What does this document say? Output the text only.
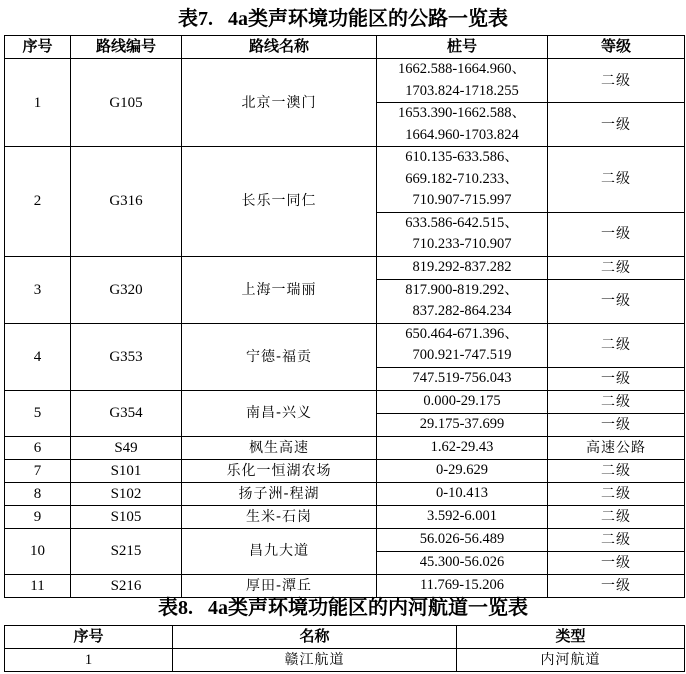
表7.   4a类声环境功能区的公路一览表
序号	路线编号	路线名称	桩号	等级
1	G105	北京一澳门	1662.588-1664.960、
1703.824-1718.255	二级

			1653.390-1662.588、
1664.960-1703.824	一级
2	G316	长乐一同仁	610.135-633.586、
669.182-710.233、
710.907-715.997	二级

			633.586-642.515、
710.233-710.907	一级
3	G320	上海一瑞丽	819.292-837.282	二级

			817.900-819.292、
837.282-864.234	一级
4	G353	宁德-福贡	650.464-671.396、
700.921-747.519	二级

			747.519-756.043	一级
5	G354	南昌-兴义	0.000-29.175	二级

			29.175-37.699	一级
6	S49	枫生高速	1.62-29.43	高速公路
7	S101	乐化一恒湖农场	0-29.629	二级
8	S102	扬子洲-程湖	0-10.413	二级
9	S105	生米-石岗	3.592-6.001	二级
10	S215	昌九大道	56.026-56.489	二级

			45.300-56.026	一级
11	S216	厚田-潭丘	11.769-15.206	一级
表8.   4a类声环境功能区的内河航道一览表
序号	名称	类型
1	赣江航道	内河航道
